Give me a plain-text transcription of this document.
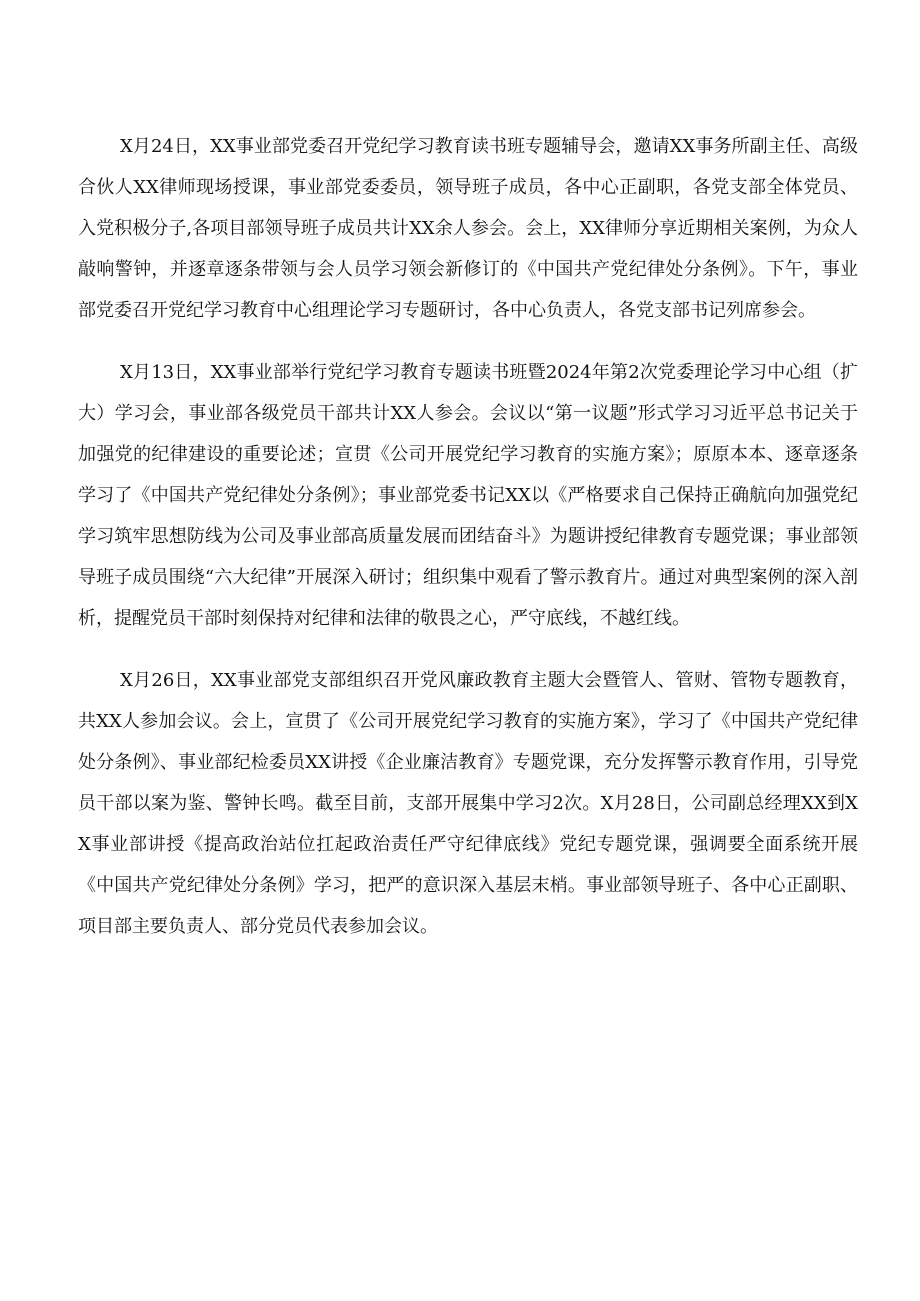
X月24日，XX事业部党委召开党纪学习教育读书班专题辅导会，邀请XX事务所副主任、高级合伙人XX律师现场授课，事业部党委委员，领导班子成员，各中心正副职，各党支部全体党员、入党积极分子,各项目部领导班子成员共计XX余人参会。会上，XX律师分享近期相关案例，为众人敲响警钟，并逐章逐条带领与会人员学习领会新修订的《中国共产党纪律处分条例》。下午，事业部党委召开党纪学习教育中心组理论学习专题研讨，各中心负责人，各党支部书记列席参会。

X月13日，XX事业部举行党纪学习教育专题读书班暨2024年第2次党委理论学习中心组（扩大）学习会，事业部各级党员干部共计XX人参会。会议以“第一议题”形式学习习近平总书记关于加强党的纪律建设的重要论述；宣贯《公司开展党纪学习教育的实施方案》；原原本本、逐章逐条学习了《中国共产党纪律处分条例》；事业部党委书记XX以《严格要求自己保持正确航向加强党纪学习筑牢思想防线为公司及事业部高质量发展而团结奋斗》为题讲授纪律教育专题党课；事业部领导班子成员围绕“六大纪律”开展深入研讨；组织集中观看了警示教育片。通过对典型案例的深入剖析，提醒党员干部时刻保持对纪律和法律的敬畏之心，严守底线，不越红线。

X月26日，XX事业部党支部组织召开党风廉政教育主题大会暨管人、管财、管物专题教育，共XX人参加会议。会上，宣贯了《公司开展党纪学习教育的实施方案》，学习了《中国共产党纪律处分条例》、事业部纪检委员XX讲授《企业廉洁教育》专题党课，充分发挥警示教育作用，引导党员干部以案为鉴、警钟长鸣。截至目前，支部开展集中学习2次。X月28日，公司副总经理XX到XX事业部讲授《提高政治站位扛起政治责任严守纪律底线》党纪专题党课，强调要全面系统开展《中国共产党纪律处分条例》学习，把严的意识深入基层末梢。事业部领导班子、各中心正副职、项目部主要负责人、部分党员代表参加会议。
